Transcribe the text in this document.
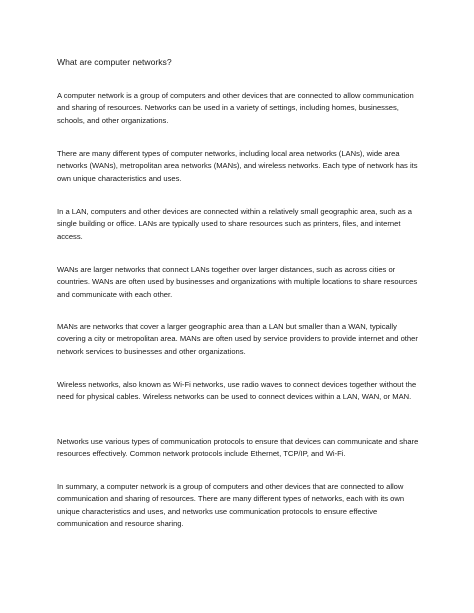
What are computer networks?

A computer network is a group of computers and other devices that are connected to allow communication and sharing of resources. Networks can be used in a variety of settings, including homes, businesses, schools, and other organizations.

There are many different types of computer networks, including local area networks (LANs), wide area networks (WANs), metropolitan area networks (MANs), and wireless networks. Each type of network has its own unique characteristics and uses.

In a LAN, computers and other devices are connected within a relatively small geographic area, such as a single building or office. LANs are typically used to share resources such as printers, files, and internet access.

WANs are larger networks that connect LANs together over larger distances, such as across cities or countries. WANs are often used by businesses and organizations with multiple locations to share resources and communicate with each other.

MANs are networks that cover a larger geographic area than a LAN but smaller than a WAN, typically covering a city or metropolitan area. MANs are often used by service providers to provide internet and other network services to businesses and other organizations.

Wireless networks, also known as Wi-Fi networks, use radio waves to connect devices together without the need for physical cables. Wireless networks can be used to connect devices within a LAN, WAN, or MAN.

Networks use various types of communication protocols to ensure that devices can communicate and share resources effectively. Common network protocols include Ethernet, TCP/IP, and Wi-Fi.

In summary, a computer network is a group of computers and other devices that are connected to allow communication and sharing of resources. There are many different types of networks, each with its own unique characteristics and uses, and networks use communication protocols to ensure effective communication and resource sharing.
